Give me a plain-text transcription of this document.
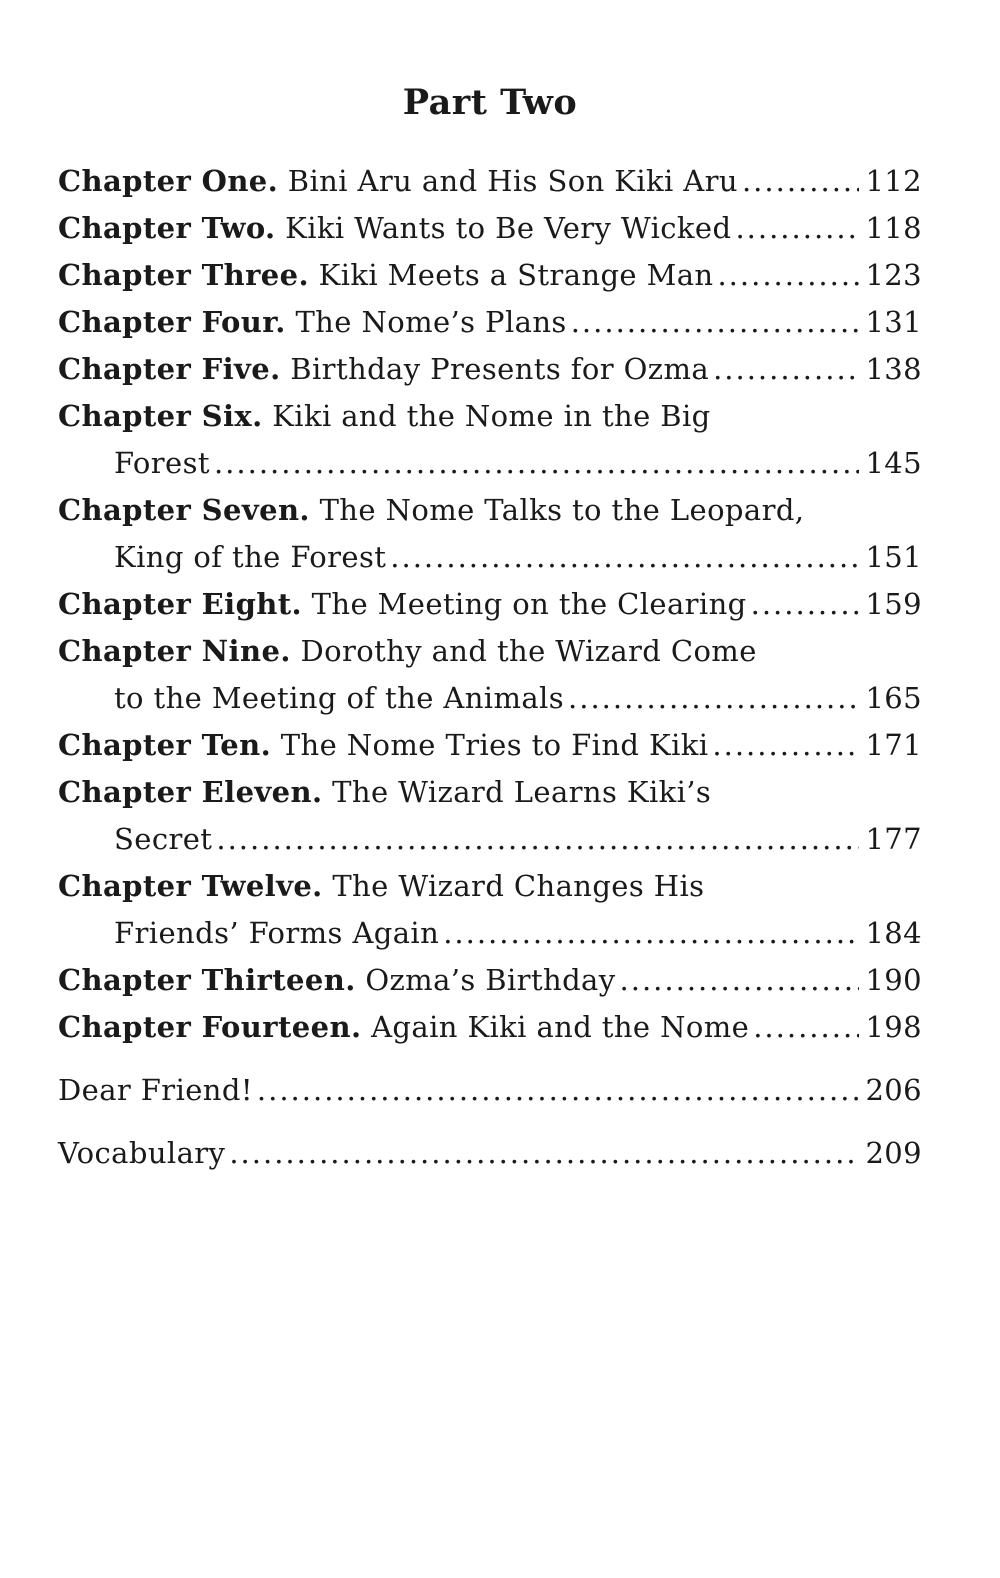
Part Two
Chapter One.
Bini Aru and His Son Kiki Aru .....	112
Chapter Two.
Kiki Wants to Be Very Wicked .....	118
Chapter Three.
Kiki Meets a Strange Man .....	123
Chapter Four.
The Nome’s Plans .....	131
Chapter Five.
Birthday Presents for Ozma .....	138
Chapter Six.
Kiki and the Nome in the Big
Forest .....	145
Chapter Seven.
The Nome Talks to the Leopard,
King of the Forest .....	151
Chapter Eight.
The Meeting on the Clearing .....	159
Chapter Nine.
Dorothy and the Wizard Come
to the Meeting of the Animals .....	165
Chapter Ten.
The Nome Tries to Find Kiki .....	171
Chapter Eleven.
The Wizard Learns Kiki’s
Secret .....	177
Chapter Twelve.
The Wizard Changes His
Friends’ Forms Again .....	184
Chapter Thirteen.
Ozma’s Birthday .....	190
Chapter Fourteen.
Again Kiki and the Nome .....	198
Dear Friend! .....	206
Vocabulary .....	209
